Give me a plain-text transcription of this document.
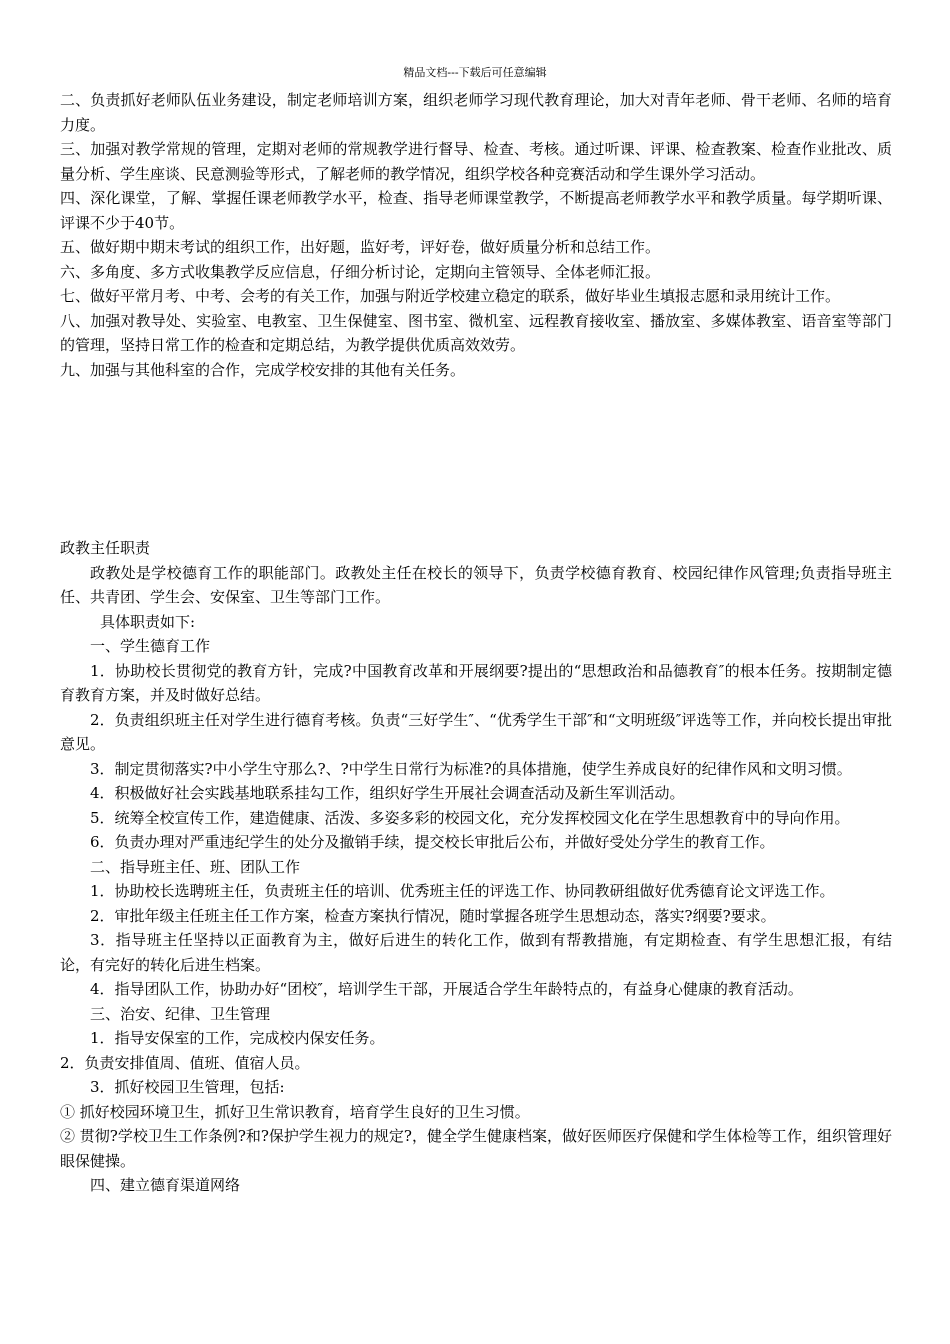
精品文档---下载后可任意编辑

二、负责抓好老师队伍业务建设，制定老师培训方案，组织老师学习现代教育理论，加大对青年老师、骨干老师、名师的培育力度。

三、加强对教学常规的管理，定期对老师的常规教学进行督导、检查、考核。通过听课、评课、检查教案、检查作业批改、质量分析、学生座谈、民意测验等形式，了解老师的教学情况，组织学校各种竞赛活动和学生课外学习活动。

四、深化课堂，了解、掌握任课老师教学水平，检查、指导老师课堂教学，不断提高老师教学水平和教学质量。每学期听课、评课不少于40节。

五、做好期中期末考试的组织工作，出好题，监好考，评好卷，做好质量分析和总结工作。

六、多角度、多方式收集教学反应信息，仔细分析讨论，定期向主管领导、全体老师汇报。

七、做好平常月考、中考、会考的有关工作，加强与附近学校建立稳定的联系，做好毕业生填报志愿和录用统计工作。

八、加强对教导处、实验室、电教室、卫生保健室、图书室、微机室、远程教育接收室、播放室、多媒体教室、语音室等部门的管理，坚持日常工作的检查和定期总结，为教学提供优质高效效劳。

九、加强与其他科室的合作，完成学校安排的其他有关任务。

政教主任职责

政教处是学校德育工作的职能部门。政教处主任在校长的领导下，负责学校德育教育、校园纪律作风管理;负责指导班主任、共青团、学生会、安保室、卫生等部门工作。

具体职责如下:

一、学生德育工作

1．协助校长贯彻党的教育方针，完成?中国教育改革和开展纲要?提出的“思想政治和品德教育″的根本任务。按期制定德育教育方案，并及时做好总结。

2．负责组织班主任对学生进行德育考核。负责“三好学生″、“优秀学生干部″和“文明班级″评选等工作，并向校长提出审批意见。

3．制定贯彻落实?中小学生守那么?、?中学生日常行为标准?的具体措施，使学生养成良好的纪律作风和文明习惯。

4．积极做好社会实践基地联系挂勾工作，组织好学生开展社会调查活动及新生军训活动。

5．统筹全校宣传工作，建造健康、活泼、多姿多彩的校园文化，充分发挥校园文化在学生思想教育中的导向作用。

6．负责办理对严重违纪学生的处分及撤销手续，提交校长审批后公布，并做好受处分学生的教育工作。

二、指导班主任、班、团队工作

1．协助校长选聘班主任，负责班主任的培训、优秀班主任的评选工作、协同教研组做好优秀德育论文评选工作。

2．审批年级主任班主任工作方案，检查方案执行情况，随时掌握各班学生思想动态，落实?纲要?要求。

3．指导班主任坚持以正面教育为主，做好后进生的转化工作，做到有帮教措施，有定期检查、有学生思想汇报，有结论，有完好的转化后进生档案。

4．指导团队工作，协助办好“团校″，培训学生干部，开展适合学生年龄特点的，有益身心健康的教育活动。

三、治安、纪律、卫生管理

1．指导安保室的工作，完成校内保安任务。

2．负责安排值周、值班、值宿人员。

3．抓好校园卫生管理，包括:

① 抓好校园环境卫生，抓好卫生常识教育，培育学生良好的卫生习惯。

② 贯彻?学校卫生工作条例?和?保护学生视力的规定?，健全学生健康档案，做好医师医疗保健和学生体检等工作，组织管理好眼保健操。

四、建立德育渠道网络
